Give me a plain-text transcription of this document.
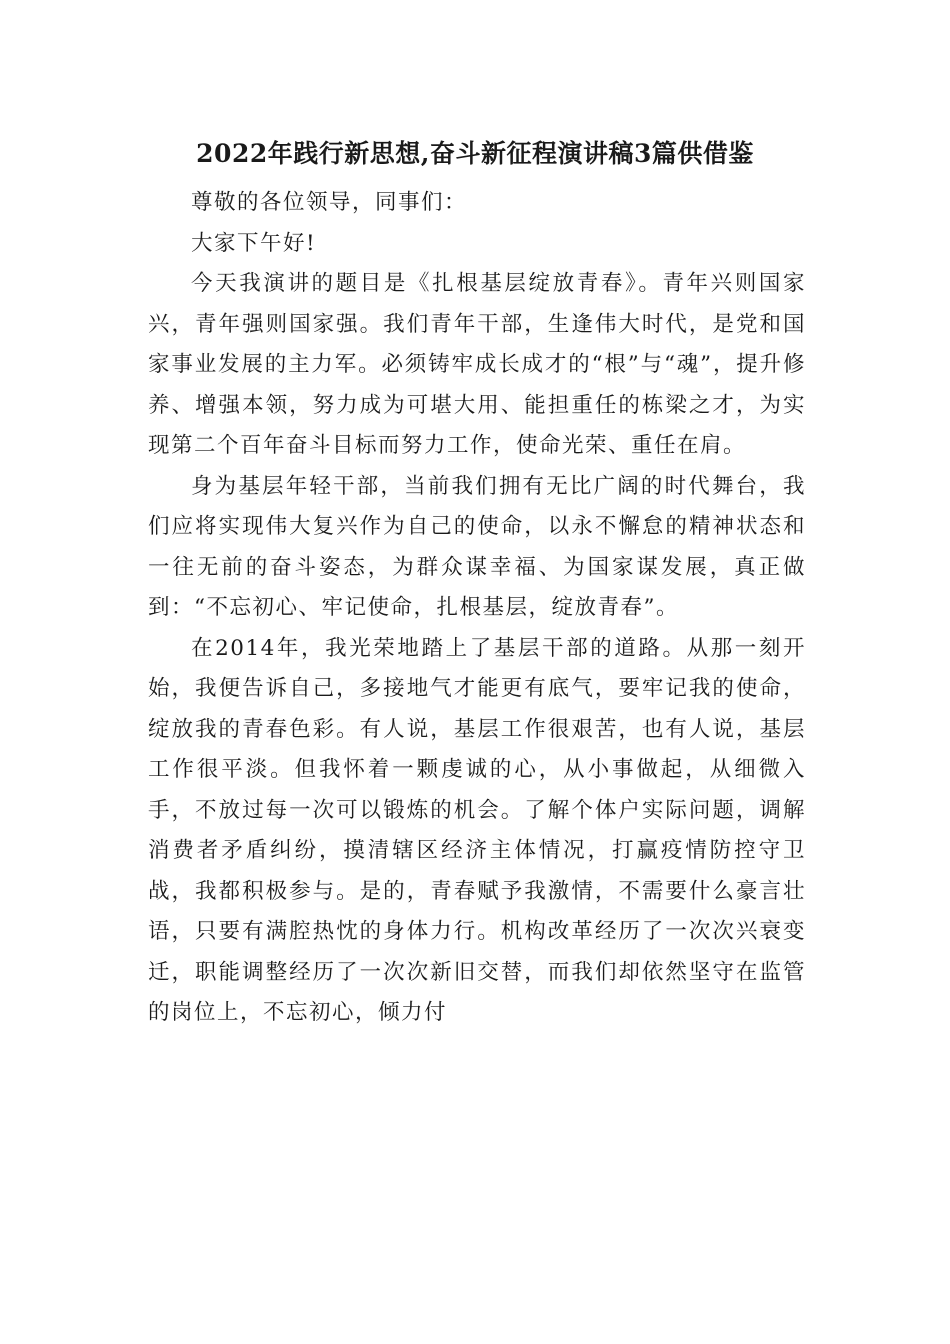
2022年践行新思想,奋斗新征程演讲稿3篇供借鉴

尊敬的各位领导，同事们：

大家下午好!

今天我演讲的题目是《扎根基层绽放青春》。青年兴则国家兴，青年强则国家强。我们青年干部，生逢伟大时代，是党和国家事业发展的主力军。必须铸牢成长成才的“根”与“魂”，提升修养、增强本领，努力成为可堪大用、能担重任的栋梁之才，为实现第二个百年奋斗目标而努力工作，使命光荣、重任在肩。

身为基层年轻干部，当前我们拥有无比广阔的时代舞台，我们应将实现伟大复兴作为自己的使命，以永不懈怠的精神状态和一往无前的奋斗姿态，为群众谋幸福、为国家谋发展，真正做到：“不忘初心、牢记使命，扎根基层，绽放青春”。

在2014年，我光荣地踏上了基层干部的道路。从那一刻开始，我便告诉自己，多接地气才能更有底气，要牢记我的使命，绽放我的青春色彩。有人说，基层工作很艰苦，也有人说，基层工作很平淡。但我怀着一颗虔诚的心，从小事做起，从细微入手，不放过每一次可以锻炼的机会。了解个体户实际问题，调解消费者矛盾纠纷，摸清辖区经济主体情况，打赢疫情防控守卫战，我都积极参与。是的，青春赋予我激情，不需要什么豪言壮语，只要有满腔热忱的身体力行。机构改革经历了一次次兴衰变迁，职能调整经历了一次次新旧交替，而我们却依然坚守在监管的岗位上，不忘初心，倾力付
